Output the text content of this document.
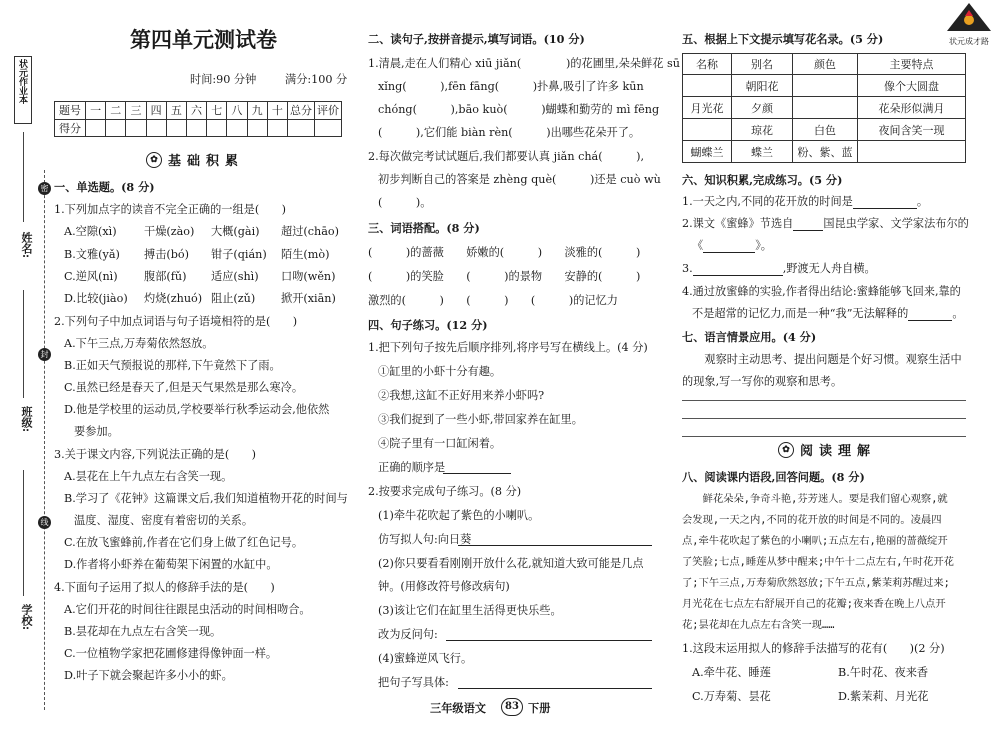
状元作业本
密
封
线
姓名:
班级:
学校:
第四单元测试卷
时间:90 分钟	满分:100 分
题号	一	二	三	四	五	六	七	八	九	十	总分	评价
得分												
✿ 基础积累
一、单选题。(8 分)
1.下列加点字的读音不完全正确的一组是(　　)
A.空隙(xì) 干燥(zào) 大概(gài) 超过(chāo)
B.文雅(yǎ) 搏击(bó) 钳子(qián) 陌生(mò)
C.逆风(nì) 腹部(fǔ) 适应(shì) 口吻(wěn)
D.比较(jiào) 灼烧(zhuó) 阻止(zǔ) 掀开(xiān)
2.下列句子中加点词语与句子语境相符的是(　　)
A.下午三点,万寿菊依然怒放。
B.正如天气预报说的那样,下午竟然下了雨。
C.虽然已经是春天了,但是天气果然是那么寒冷。
D.他是学校里的运动员,学校要举行秋季运动会,他依然
要参加。
3.关于课文内容,下列说法正确的是(　　)
A.昙花在上午九点左右含笑一现。
B.学习了《花钟》这篇课文后,我们知道植物开花的时间与
温度、湿度、密度有着密切的关系。
C.在放飞蜜蜂前,作者在它们身上做了红色记号。
D.作者将小虾养在葡萄架下闲置的水缸中。
4.下面句子运用了拟人的修辞手法的是(　　)
A.它们开花的时间往往跟昆虫活动的时间相吻合。
B.昙花却在九点左右含笑一现。
C.一位植物学家把花圃修建得像钟面一样。
D.叶子下就会聚起许多小小的虾。
二、读句子,按拼音提示,填写词语。(10 分)
1.清晨,走在人们精心 xiū jiǎn(　　　　)的花圃里,朵朵鲜花 sū
xǐng(　　　),fēn fāng(　　　)扑鼻,吸引了许多 kūn
chóng(　　　),bāo kuò(　　　)蝴蝶和勤劳的 mì fēng
(　　　),它们能 biàn rèn(　　　)出哪些花朵开了。
2.每次做完考试试题后,我们都要认真 jiǎn chá(　　　),
初步判断自己的答案是 zhèng què(　　　)还是 cuò wù
(　　　)。
三、词语搭配。(8 分)
(　　　)的蔷薇　　娇嫩的(　　　)　　淡雅的(　　　)
(　　　)的笑脸　　(　　　)的景物　　安静的(　　　)
激烈的(　　　)　　(　　　)　　(　　　)的记忆力
四、句子练习。(12 分)
1.把下列句子按先后顺序排列,将序号写在横线上。(4 分)
①缸里的小虾十分有趣。
②我想,这缸不正好用来养小虾吗?
③我们捉到了一些小虾,带回家养在缸里。
④院子里有一口缸闲着。
正确的顺序是
2.按要求完成句子练习。(8 分)
(1)牵牛花吹起了紫色的小喇叭。
仿写拟人句:向日葵
(2)你只要看看刚刚开放什么花,就知道大致可能是几点
钟。(用修改符号修改病句)
(3)该让它们在缸里生活得更快乐些。
改为反问句:
(4)蜜蜂逆风飞行。
把句子写具体:
三年级语文	83 下册
状元成才路
五、根据上下文提示填写花名录。(5 分)
名称	别名	颜色	主要特点
	朝阳花		像个大圆盘
月光花	夕颜		花朵形似满月
	琼花	白色	夜间含笑一现
蝴蝶兰	蝶兰	粉、紫、蓝	
六、知识积累,完成练习。(5 分)
1.一天之内,不同的花开放的时间是	。
2.课文《蜜蜂》节选自	国昆虫学家、文学家法布尔的
《	》。
3.	,野渡无人舟自横。
4.通过放蜜蜂的实验,作者得出结论:蜜蜂能够飞回来,靠的
不是超常的记忆力,而是一种“我”无法解释的	。
七、语言情景应用。(4 分)
　　观察时主动思考、提出问题是个好习惯。观察生活中
的现象,写一写你的观察和思考。
✿ 阅读理解
八、阅读课内语段,回答问题。(8 分)
　　鲜花朵朵,争奇斗艳,芬芳迷人。要是我们留心观察,就
会发现,一天之内,不同的花开放的时间是不同的。凌晨四
点,牵牛花吹起了紫色的小喇叭;五点左右,艳丽的蔷薇绽开
了笑脸;七点,睡莲从梦中醒来;中午十二点左右,午时花开花
了;下午三点,万寿菊欣然怒放;下午五点,紫茉莉苏醒过来;
月光花在七点左右舒展开自己的花瓣;夜来香在晚上八点开
花;昙花却在九点左右含笑一现……
1.这段末运用拟人的修辞手法描写的花有(　　)(2 分)
A.牵牛花、睡莲	B.午时花、夜来香
C.万寿菊、昙花	D.紫茉莉、月光花
